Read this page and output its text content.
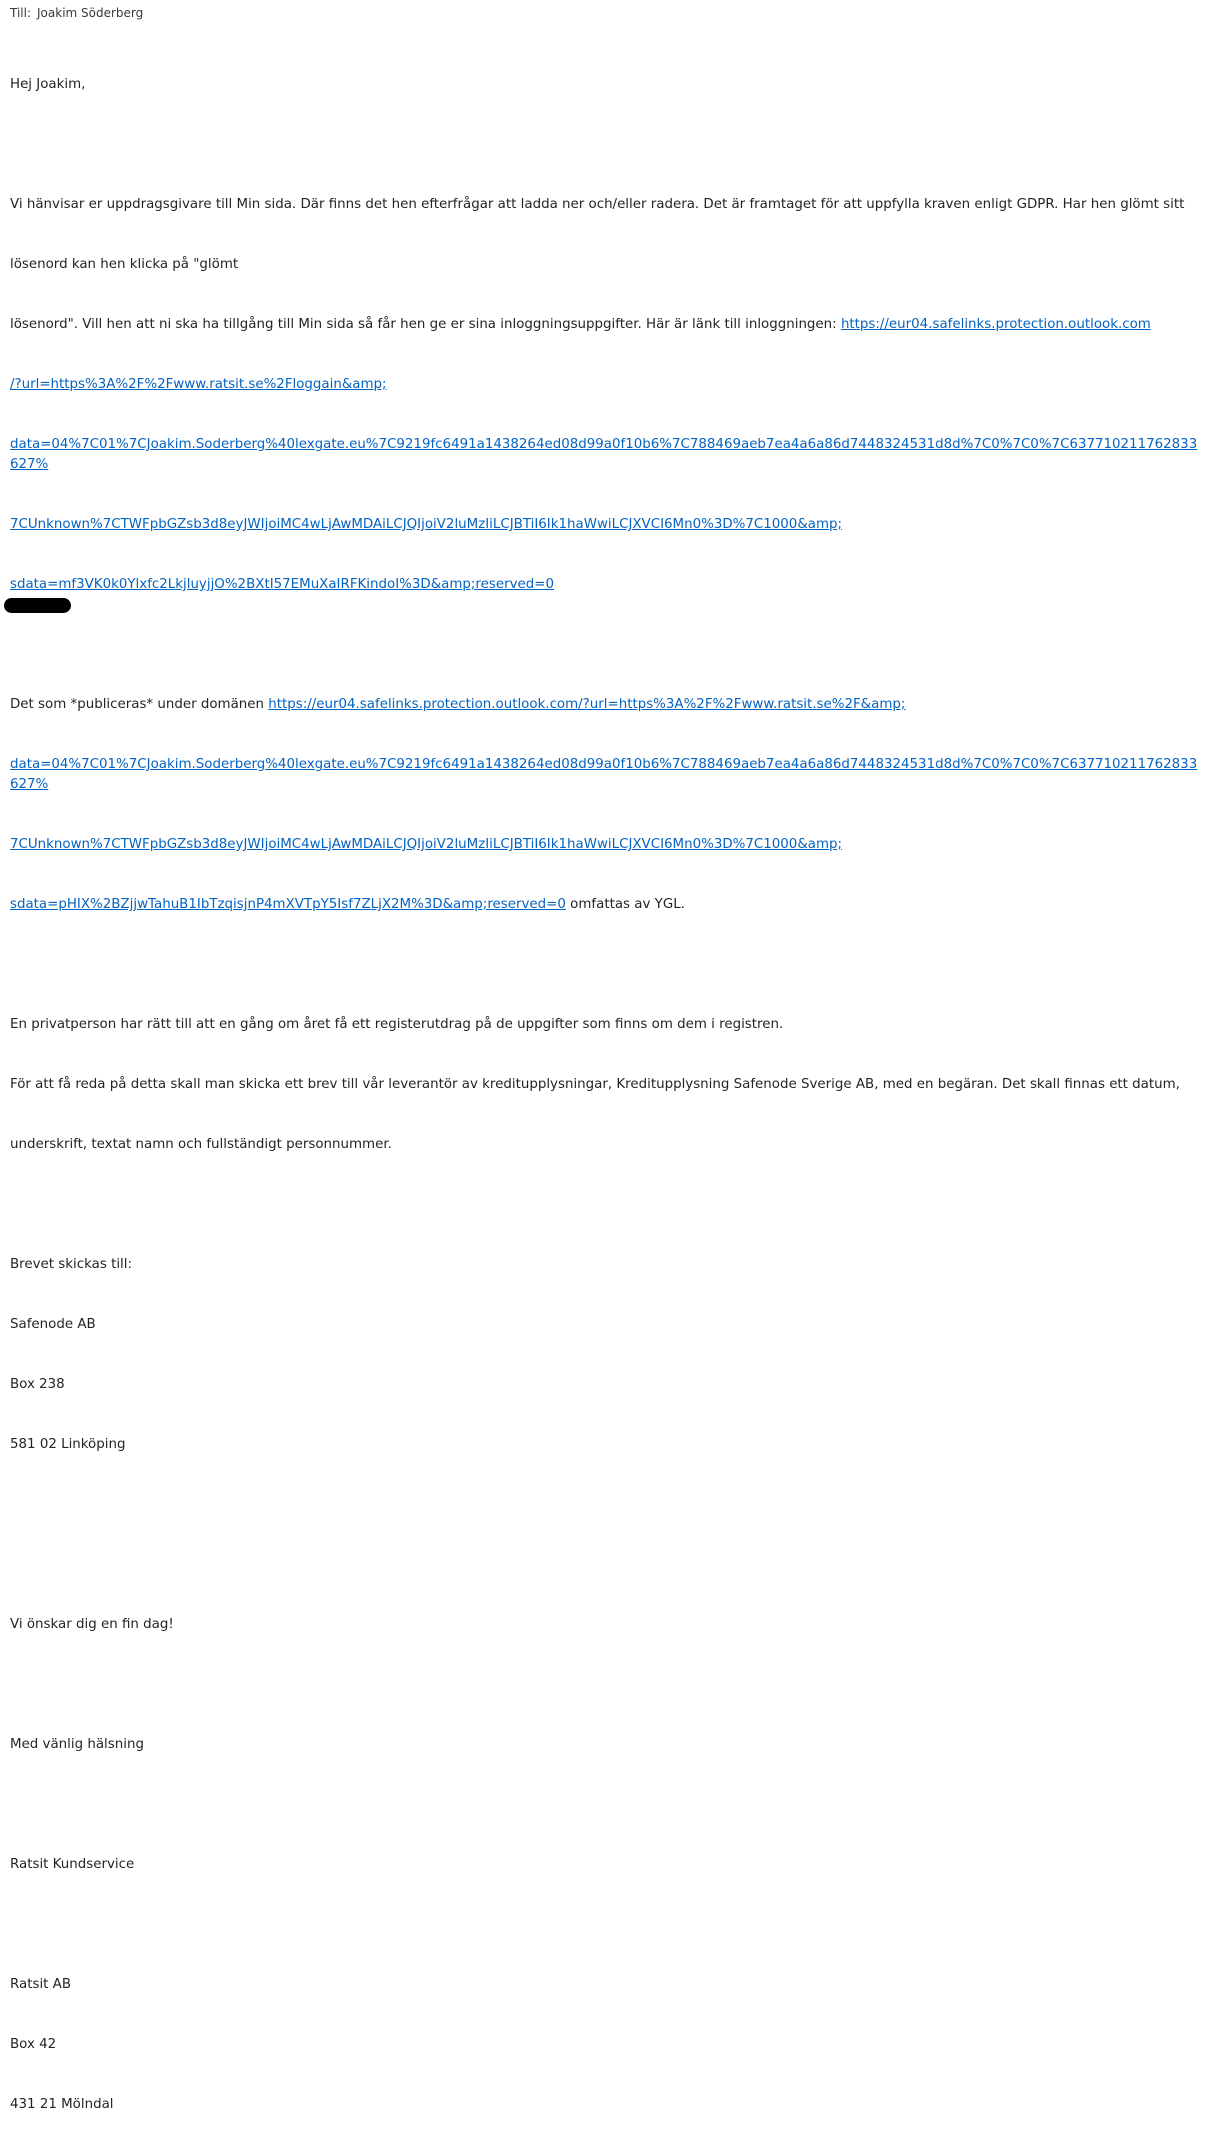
Till: Joakim Söderberg

Hej Joakim,

Vi hänvisar er uppdragsgivare till Min sida. Där finns det hen efterfrågar att ladda ner och/eller radera. Det är framtaget för att uppfylla kraven enligt GDPR. Har hen glömt sitt

lösenord kan hen klicka på "glömt

lösenord". Vill hen att ni ska ha tillgång till Min sida så får hen ge er sina inloggningsuppgifter. Här är länk till inloggningen: https://eur04.safelinks.protection.outlook.com

/?url=https%3A%2F%2Fwww.ratsit.se%2Floggain&amp;

data=04%7C01%7CJoakim.Soderberg%40lexgate.eu%7C9219fc6491a1438264ed08d99a0f10b6%7C788469aeb7ea4a6a86d7448324531d8d%7C0%7C0%7C637710211762833627%

7CUnknown%7CTWFpbGZsb3d8eyJWIjoiMC4wLjAwMDAiLCJQIjoiV2luMzIiLCJBTiI6Ik1haWwiLCJXVCI6Mn0%3D%7C1000&amp;

sdata=mf3VK0k0Ylxfc2LkjluyjjO%2BXtI57EMuXaIRFKindoI%3D&amp;reserved=0

Det som *publiceras* under domänen https://eur04.safelinks.protection.outlook.com/?url=https%3A%2F%2Fwww.ratsit.se%2F&amp;

data=04%7C01%7CJoakim.Soderberg%40lexgate.eu%7C9219fc6491a1438264ed08d99a0f10b6%7C788469aeb7ea4a6a86d7448324531d8d%7C0%7C0%7C637710211762833627%

7CUnknown%7CTWFpbGZsb3d8eyJWIjoiMC4wLjAwMDAiLCJQIjoiV2luMzIiLCJBTiI6Ik1haWwiLCJXVCI6Mn0%3D%7C1000&amp;

sdata=pHIX%2BZjjwTahuB1IbTzqisjnP4mXVTpY5Isf7ZLjX2M%3D&amp;reserved=0 omfattas av YGL.

En privatperson har rätt till att en gång om året få ett registerutdrag på de uppgifter som finns om dem i registren.

För att få reda på detta skall man skicka ett brev till vår leverantör av kreditupplysningar, Kreditupplysning Safenode Sverige AB, med en begäran. Det skall finnas ett datum,

underskrift, textat namn och fullständigt personnummer.

Brevet skickas till:

Safenode AB

Box 238

581 02 Linköping

Vi önskar dig en fin dag!

Med vänlig hälsning

Ratsit Kundservice

Ratsit AB

Box 42

431 21 Mölndal
